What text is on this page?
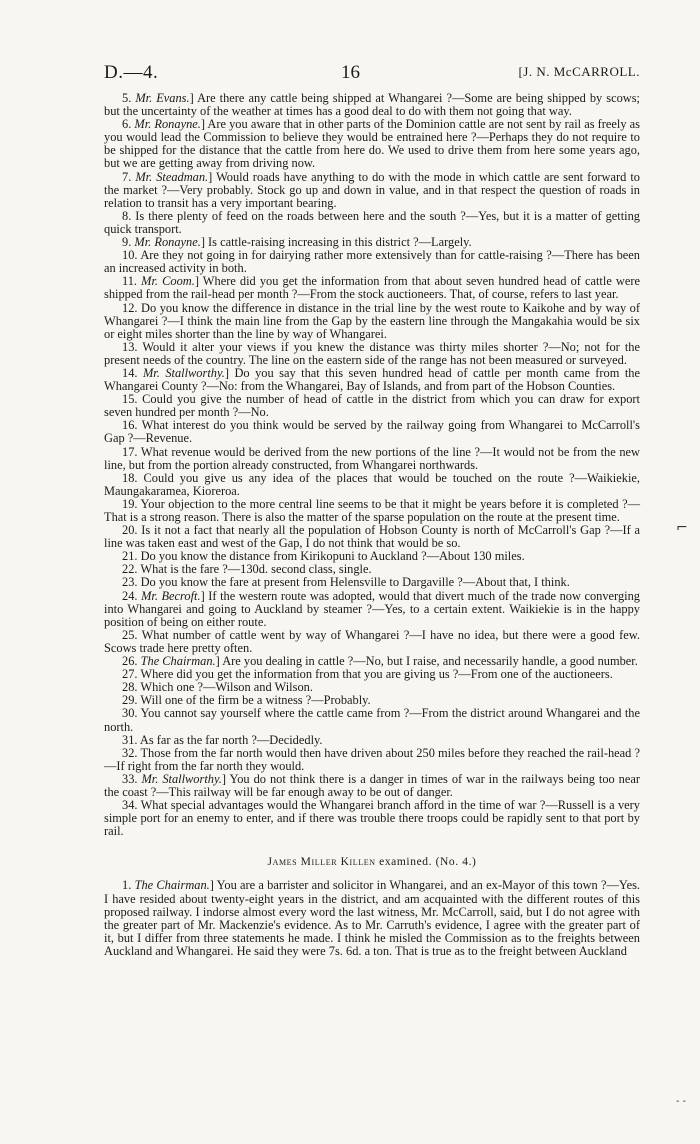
D.—4.	16	[J. N. McCARROLL.

5. Mr. Evans.] Are there any cattle being shipped at Whangarei ?—Some are being shipped by scows; but the uncertainty of the weather at times has a good deal to do with them not going that way.

6. Mr. Ronayne.] Are you aware that in other parts of the Dominion cattle are not sent by rail as freely as you would lead the Commission to believe they would be entrained here ?—Perhaps they do not require to be shipped for the distance that the cattle from here do. We used to drive them from here some years ago, but we are getting away from driving now.

7. Mr. Steadman.] Would roads have anything to do with the mode in which cattle are sent forward to the market ?—Very probably. Stock go up and down in value, and in that respect the question of roads in relation to transit has a very important bearing.

8. Is there plenty of feed on the roads between here and the south ?—Yes, but it is a matter of getting quick transport.

9. Mr. Ronayne.] Is cattle-raising increasing in this district ?—Largely.

10. Are they not going in for dairying rather more extensively than for cattle-raising ?—There has been an increased activity in both.

11. Mr. Coom.] Where did you get the information from that about seven hundred head of cattle were shipped from the rail-head per month ?—From the stock auctioneers. That, of course, refers to last year.

12. Do you know the difference in distance in the trial line by the west route to Kaikohe and by way of Whangarei ?—I think the main line from the Gap by the eastern line through the Mangakahia would be six or eight miles shorter than the line by way of Whangarei.

13. Would it alter your views if you knew the distance was thirty miles shorter ?—No; not for the present needs of the country. The line on the eastern side of the range has not been measured or surveyed.

14. Mr. Stallworthy.] Do you say that this seven hundred head of cattle per month came from the Whangarei County ?—No: from the Whangarei, Bay of Islands, and from part of the Hobson Counties.

15. Could you give the number of head of cattle in the district from which you can draw for export seven hundred per month ?—No.

16. What interest do you think would be served by the railway going from Whangarei to McCarroll's Gap ?—Revenue.

17. What revenue would be derived from the new portions of the line ?—It would not be from the new line, but from the portion already constructed, from Whangarei northwards.

18. Could you give us any idea of the places that would be touched on the route ?—Waikiekie, Maungakaramea, Kioreroa.

19. Your objection to the more central line seems to be that it might be years before it is completed ?—That is a strong reason. There is also the matter of the sparse population on the route at the present time.

20. Is it not a fact that nearly all the population of Hobson County is north of McCarroll's Gap ?—If a line was taken east and west of the Gap, I do not think that would be so.

21. Do you know the distance from Kirikopuni to Auckland ?—About 130 miles.

22. What is the fare ?—130d. second class, single.

23. Do you know the fare at present from Helensville to Dargaville ?—About that, I think.

24. Mr. Becroft.] If the western route was adopted, would that divert much of the trade now converging into Whangarei and going to Auckland by steamer ?—Yes, to a certain extent. Waikiekie is in the happy position of being on either route.

25. What number of cattle went by way of Whangarei ?—I have no idea, but there were a good few. Scows trade here pretty often.

26. The Chairman.] Are you dealing in cattle ?—No, but I raise, and necessarily handle, a good number.

27. Where did you get the information from that you are giving us ?—From one of the auctioneers.

28. Which one ?—Wilson and Wilson.

29. Will one of the firm be a witness ?—Probably.

30. You cannot say yourself where the cattle came from ?—From the district around Whangarei and the north.

31. As far as the far north ?—Decidedly.

32. Those from the far north would then have driven about 250 miles before they reached the rail-head ?—If right from the far north they would.

33. Mr. Stallworthy.] You do not think there is a danger in times of war in the railways being too near the coast ?—This railway will be far enough away to be out of danger.

34. What special advantages would the Whangarei branch afford in the time of war ?—Russell is a very simple port for an enemy to enter, and if there was trouble there troops could be rapidly sent to that port by rail.

James Miller Killen examined. (No. 4.)

1. The Chairman.] You are a barrister and solicitor in Whangarei, and an ex-Mayor of this town ?—Yes. I have resided about twenty-eight years in the district, and am acquainted with the different routes of this proposed railway. I indorse almost every word the last witness, Mr. McCarroll, said, but I do not agree with the greater part of Mr. Mackenzie's evidence. As to Mr. Carruth's evidence, I agree with the greater part of it, but I differ from three statements he made. I think he misled the Commission as to the freights between Auckland and Whangarei. He said they were 7s. 6d. a ton. That is true as to the freight between Auckland

⌐
‐ ‐
